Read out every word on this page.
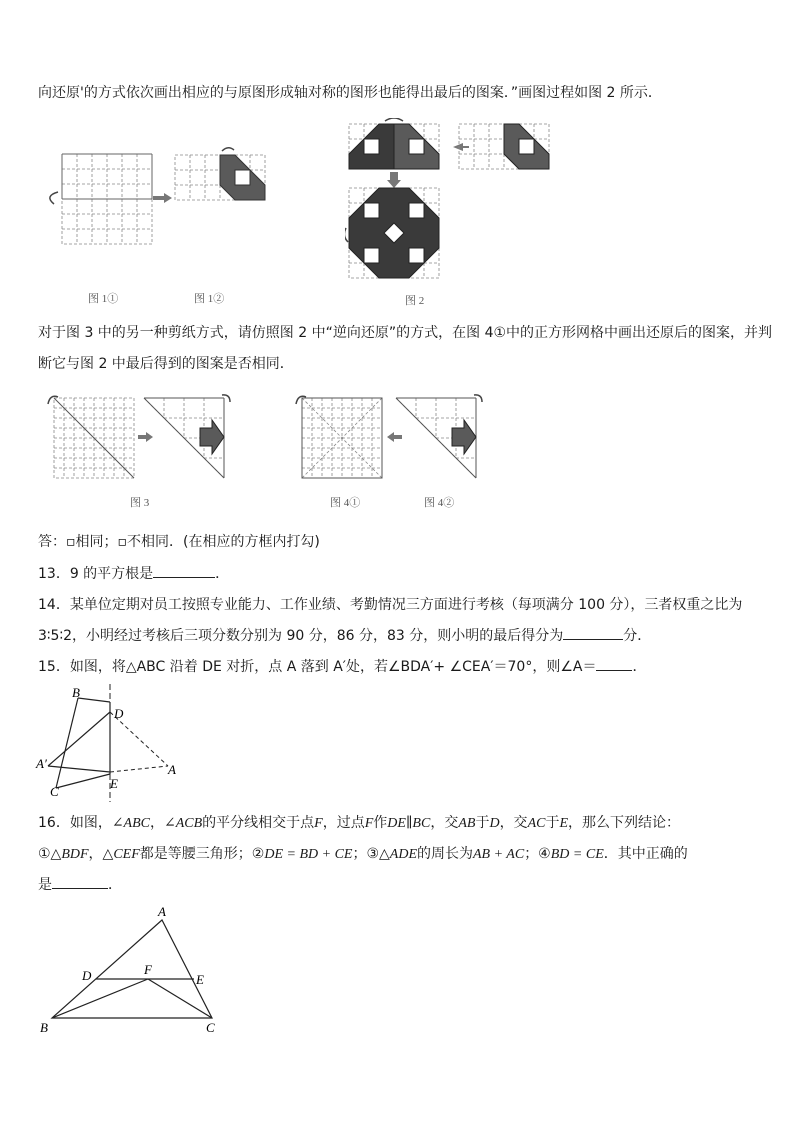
向还原'的方式依次画出相应的与原图形成轴对称的图形也能得出最后的图案．”画图过程如图 2 所示．
图 1①	图 1②	图 2
对于图 3 中的另一种剪纸方式，请仿照图 2 中“逆向还原”的方式，在图 4①中的正方形网格中画出还原后的图案，并判
断它与图 2 中最后得到的图案是否相同．
图 3	图 4①	图 4②
答：▫相同；▫不相同．(在相应的方框内打勾)
13．9 的平方根是	．
14．某单位定期对员工按照专业能力、工作业绩、考勤情况三方面进行考核（每项满分 100 分），三者权重之比为
3∶5∶2，小明经过考核后三项分数分别为 90 分，86 分，83 分，则小明的最后得分为	分．
15．如图，将△ABC 沿着 DE 对折，点 A 落到 A′处，若∠BDA′+ ∠CEA′＝70°，则∠A＝	．
B
D
A′	A
C
E
16．如图，∠ABC，∠ACB的平分线相交于点F，过点F作DE∥BC，交AB于D，交AC于E，那么下列结论：
①△BDF，△CEF都是等腰三角形；②DE = BD + CE；③△ADE的周长为AB + AC；④BD = CE．其中正确的
是	．
A
D	F
E
B	C
